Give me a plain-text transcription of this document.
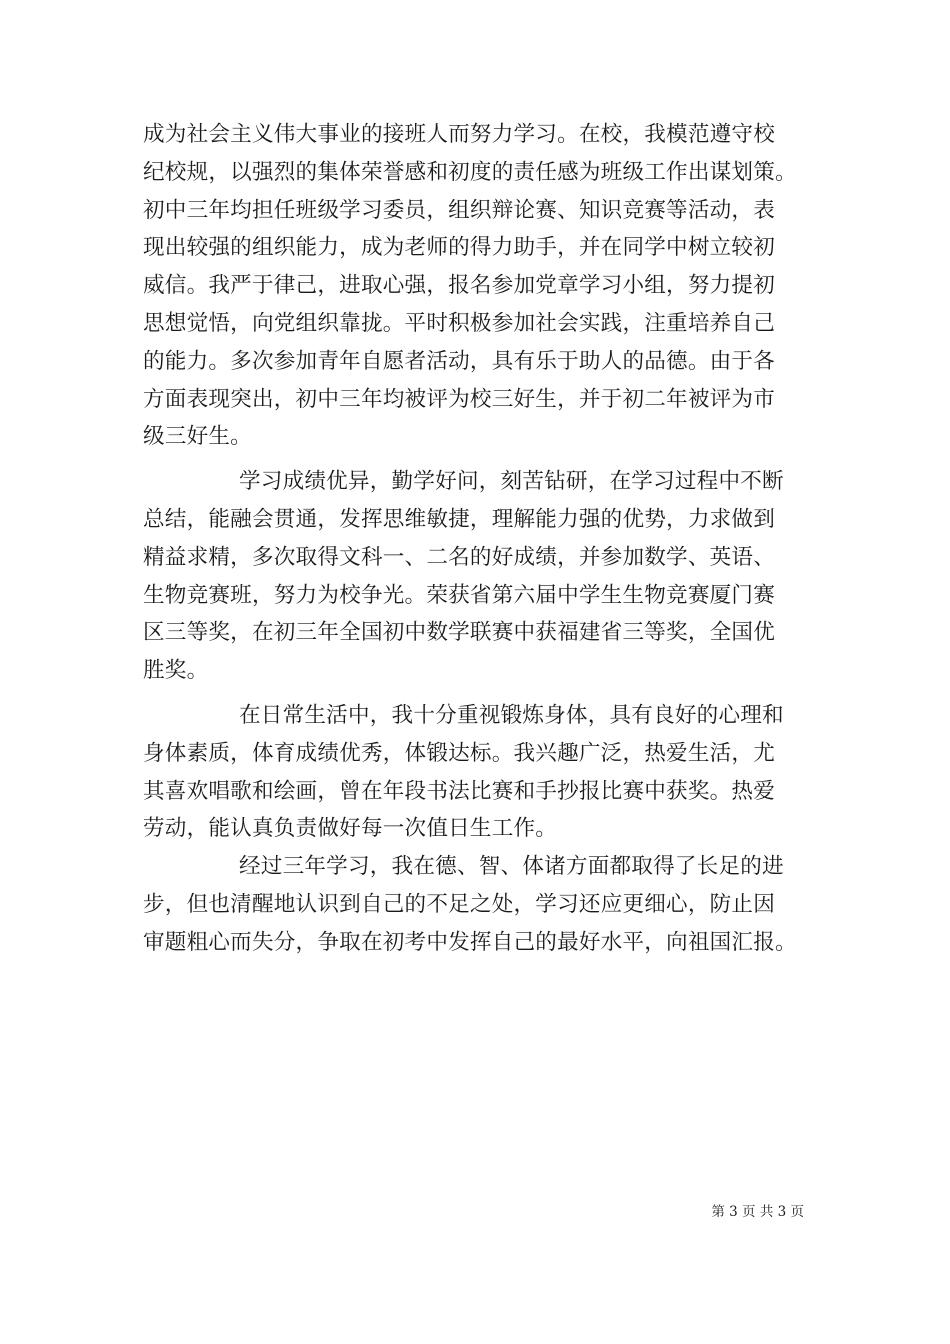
成为社会主义伟大事业的接班人而努力学习。在校，我模范遵守校
纪校规，以强烈的集体荣誉感和初度的责任感为班级工作出谋划策。
初中三年均担任班级学习委员，组织辩论赛、知识竞赛等活动，表
现出较强的组织能力，成为老师的得力助手，并在同学中树立较初
威信。我严于律己，进取心强，报名参加党章学习小组，努力提初
思想觉悟，向党组织靠拢。平时积极参加社会实践，注重培养自己
的能力。多次参加青年自愿者活动，具有乐于助人的品德。由于各
方面表现突出，初中三年均被评为校三好生，并于初二年被评为市
级三好生。
学习成绩优异，勤学好问，刻苦钻研，在学习过程中不断
总结，能融会贯通，发挥思维敏捷，理解能力强的优势，力求做到
精益求精，多次取得文科一、二名的好成绩，并参加数学、英语、
生物竞赛班，努力为校争光。荣获省第六届中学生生物竞赛厦门赛
区三等奖，在初三年全国初中数学联赛中获福建省三等奖，全国优
胜奖。
在日常生活中，我十分重视锻炼身体，具有良好的心理和
身体素质，体育成绩优秀，体锻达标。我兴趣广泛，热爱生活，尤
其喜欢唱歌和绘画，曾在年段书法比赛和手抄报比赛中获奖。热爱
劳动，能认真负责做好每一次值日生工作。
经过三年学习，我在德、智、体诸方面都取得了长足的进
步，但也清醒地认识到自己的不足之处，学习还应更细心，防止因
审题粗心而失分，争取在初考中发挥自己的最好水平，向祖国汇报。
第 3 页 共 3 页
